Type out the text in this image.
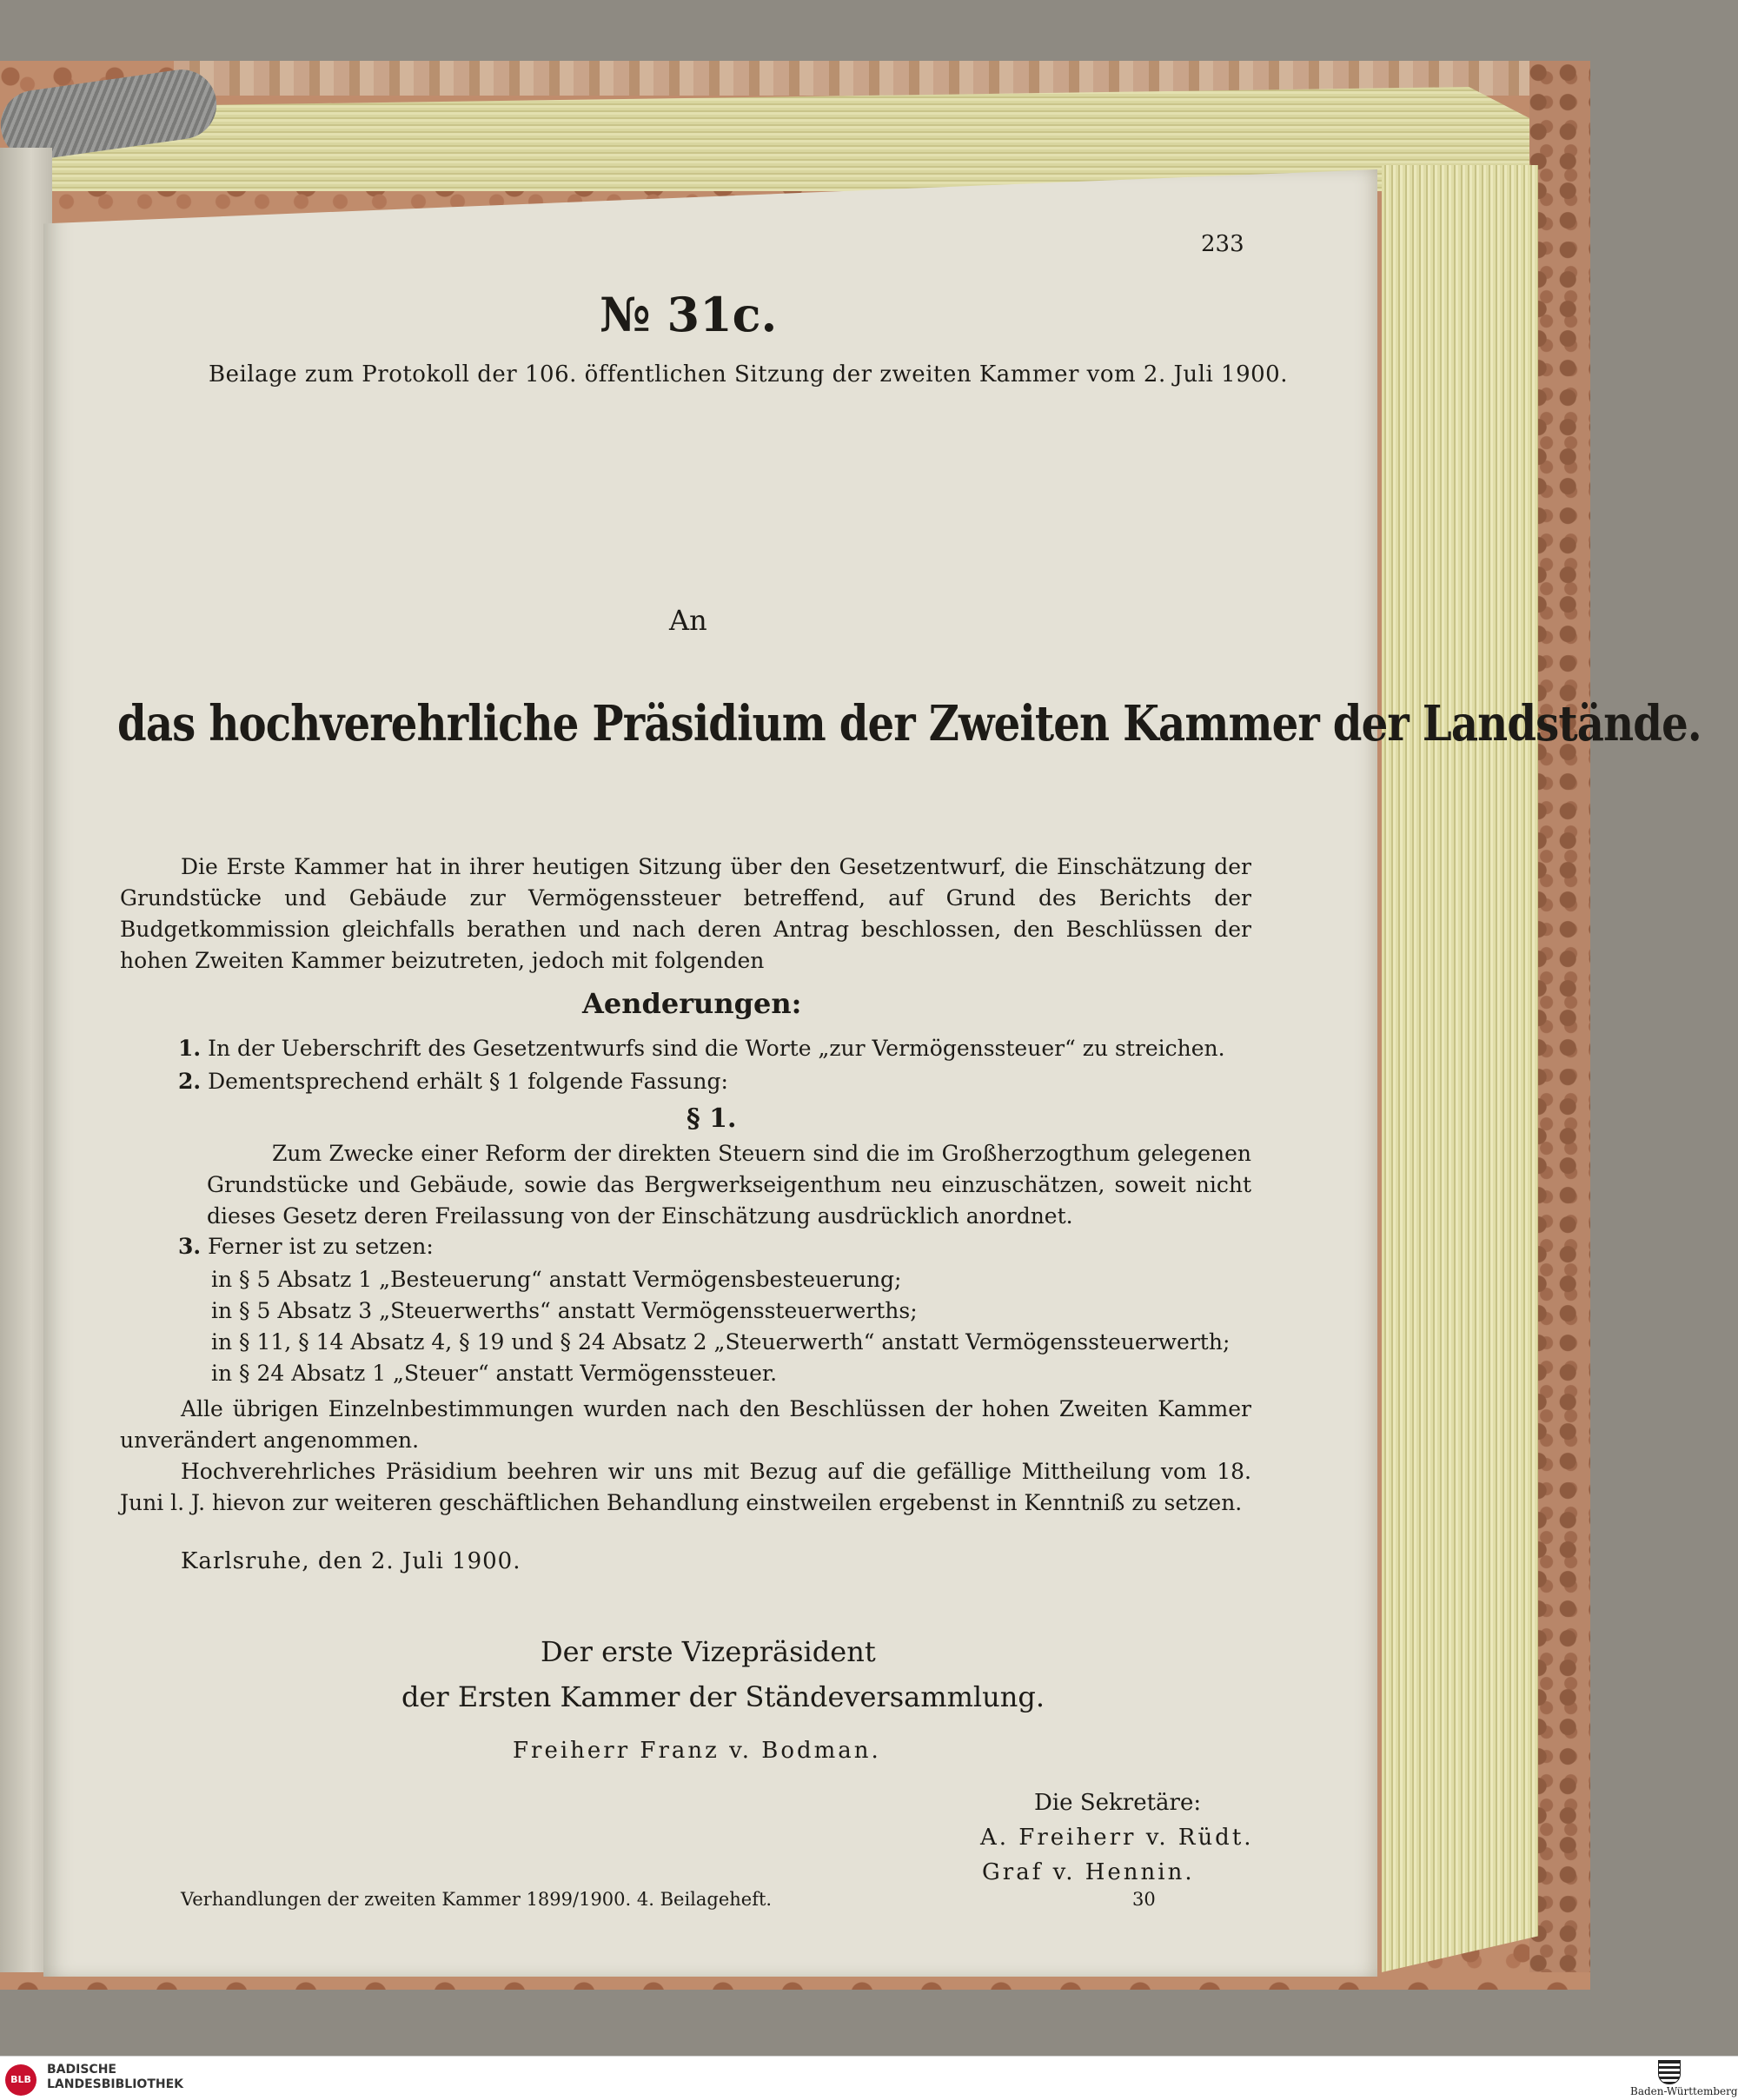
233
№ 31c.
Beilage zum Protokoll der 106. öffentlichen Sitzung der zweiten Kammer vom 2. Juli 1900.
An
das hochverehrliche Präsidium der Zweiten Kammer der Landstände.
Die Erste Kammer hat in ihrer heutigen Sitzung über den Gesetzentwurf, die Einschätzung der Grundstücke und Gebäude zur Vermögenssteuer betreffend, auf Grund des Berichts der Budgetkommission gleichfalls berathen und nach deren Antrag beschlossen, den Beschlüssen der hohen Zweiten Kammer beizutreten, jedoch mit folgenden
Aenderungen:
1. In der Ueberschrift des Gesetzentwurfs sind die Worte „zur Vermögenssteuer“ zu streichen.
2. Dementsprechend erhält § 1 folgende Fassung:
§ 1.
Zum Zwecke einer Reform der direkten Steuern sind die im Großherzogthum gelegenen Grundstücke und Gebäude, sowie das Bergwerkseigenthum neu einzuschätzen, soweit nicht dieses Gesetz deren Freilassung von der Einschätzung ausdrücklich anordnet.
3. Ferner ist zu setzen:
in § 5 Absatz 1 „Besteuerung“ anstatt Vermögensbesteuerung;
in § 5 Absatz 3 „Steuerwerths“ anstatt Vermögenssteuerwerths;
in § 11, § 14 Absatz 4, § 19 und § 24 Absatz 2 „Steuerwerth“ anstatt Vermögenssteuerwerth;
in § 24 Absatz 1 „Steuer“ anstatt Vermögenssteuer.
Alle übrigen Einzelnbestimmungen wurden nach den Beschlüssen der hohen Zweiten Kammer unverändert angenommen.
Hochverehrliches Präsidium beehren wir uns mit Bezug auf die gefällige Mittheilung vom 18. Juni l. J. hievon zur weiteren geschäftlichen Behandlung einstweilen ergebenst in Kenntniß zu setzen.
Karlsruhe, den 2. Juli 1900.
Der erste Vizepräsident
der Ersten Kammer der Ständeversammlung.
Freiherr Franz v. Bodman.
Die Sekretäre:
A. Freiherr v. Rüdt.
Graf v. Hennin.
Verhandlungen der zweiten Kammer 1899/1900. 4. Beilageheft.	30
BLB
BADISCHE
LANDESBIBLIOTHEK	Baden-Württemberg
